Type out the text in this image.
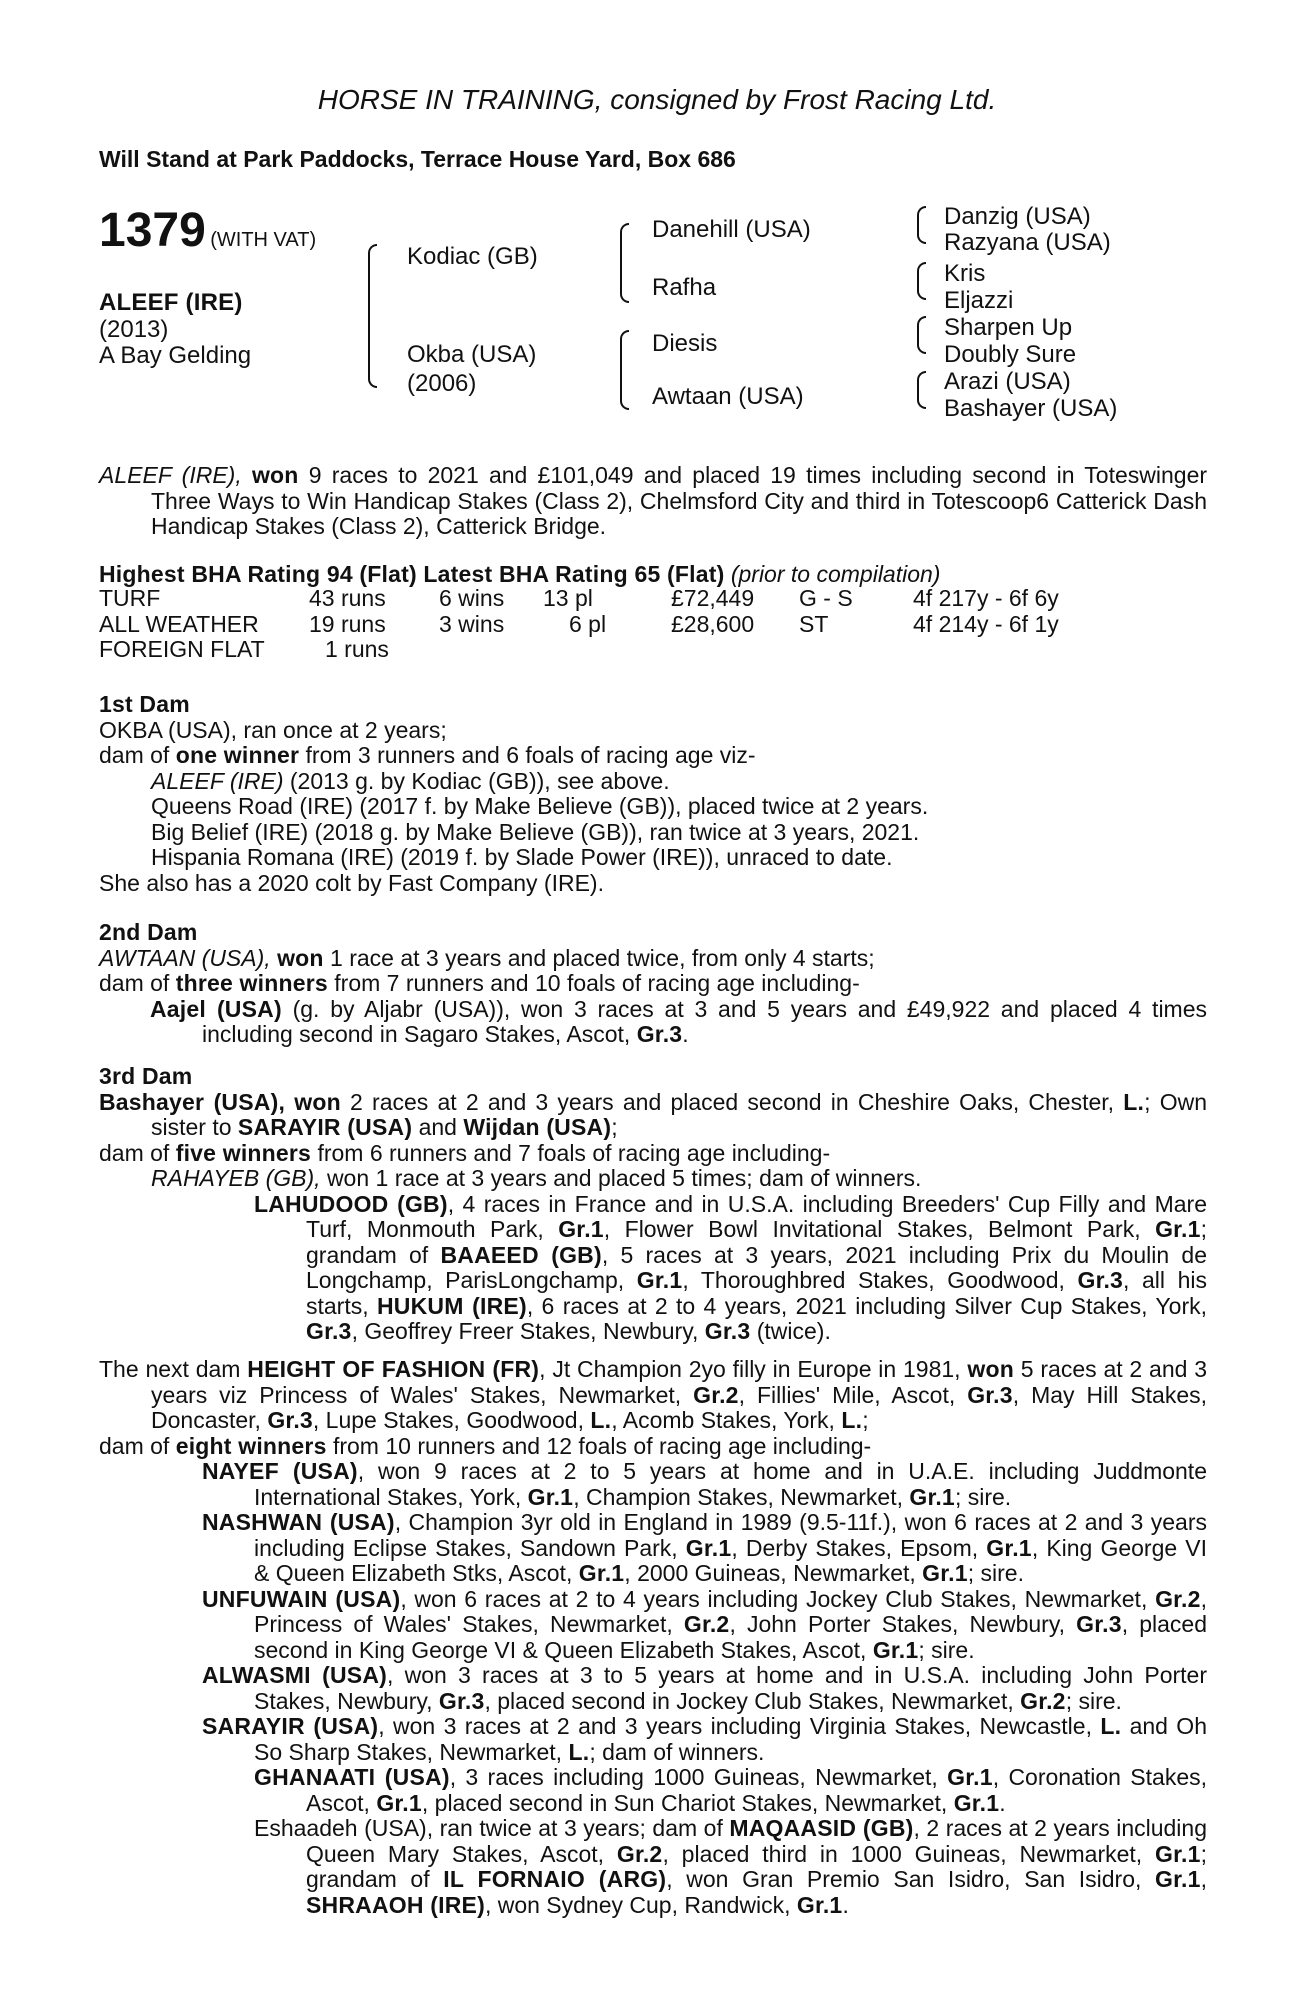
HORSE IN TRAINING, consigned by Frost Racing Ltd.
Will Stand at Park Paddocks, Terrace House Yard, Box 686
1379 (WITH VAT)
ALEEF (IRE)
(2013)
A Bay Gelding
Kodiac (GB)
Okba (USA)
(2006)
Danehill (USA)
Rafha
Diesis
Awtaan (USA)
Danzig (USA)
Razyana (USA)
Kris
Eljazzi
Sharpen Up
Doubly Sure
Arazi (USA)
Bashayer (USA)

ALEEF (IRE), won 9 races to 2021 and £101,049 and placed 19 times including second in Toteswinger Three Ways to Win Handicap Stakes (Class 2), Chelmsford City and third in Totescoop6 Catterick Dash Handicap Stakes (Class 2), Catterick Bridge.

Highest BHA Rating 94 (Flat) Latest BHA Rating 65 (Flat) (prior to compilation)
TURF	43 runs	6 wins	13 pl	£72,449	G - S	4f 217y - 6f 6y
ALL WEATHER	19 runs	3 wins	6 pl	£28,600	ST	4f 214y - 6f 1y
FOREIGN FLAT	1 runs					
1st Dam
OKBA (USA), ran once at 2 years;
dam of one winner from 3 runners and 6 foals of racing age viz-
ALEEF (IRE) (2013 g. by Kodiac (GB)), see above.
Queens Road (IRE) (2017 f. by Make Believe (GB)), placed twice at 2 years.
Big Belief (IRE) (2018 g. by Make Believe (GB)), ran twice at 3 years, 2021.
Hispania Romana (IRE) (2019 f. by Slade Power (IRE)), unraced to date.
She also has a 2020 colt by Fast Company (IRE).
2nd Dam
AWTAAN (USA), won 1 race at 3 years and placed twice, from only 4 starts;
dam of three winners from 7 runners and 10 foals of racing age including-
Aajel (USA) (g. by Aljabr (USA)), won 3 races at 3 and 5 years and £49,922 and placed 4 times including second in Sagaro Stakes, Ascot, Gr.3.
3rd Dam
Bashayer (USA), won 2 races at 2 and 3 years and placed second in Cheshire Oaks, Chester, L.; Own sister to SARAYIR (USA) and Wijdan (USA);
dam of five winners from 6 runners and 7 foals of racing age including-
RAHAYEB (GB), won 1 race at 3 years and placed 5 times; dam of winners.
LAHUDOOD (GB), 4 races in France and in U.S.A. including Breeders' Cup Filly and Mare Turf, Monmouth Park, Gr.1, Flower Bowl Invitational Stakes, Belmont Park, Gr.1; grandam of BAAEED (GB), 5 races at 3 years, 2021 including Prix du Moulin de Longchamp, ParisLongchamp, Gr.1, Thoroughbred Stakes, Goodwood, Gr.3, all his starts, HUKUM (IRE), 6 races at 2 to 4 years, 2021 including Silver Cup Stakes, York, Gr.3, Geoffrey Freer Stakes, Newbury, Gr.3 (twice).
The next dam HEIGHT OF FASHION (FR), Jt Champion 2yo filly in Europe in 1981, won 5 races at 2 and 3 years viz Princess of Wales' Stakes, Newmarket, Gr.2, Fillies' Mile, Ascot, Gr.3, May Hill Stakes, Doncaster, Gr.3, Lupe Stakes, Goodwood, L., Acomb Stakes, York, L.;
dam of eight winners from 10 runners and 12 foals of racing age including-
NAYEF (USA), won 9 races at 2 to 5 years at home and in U.A.E. including Juddmonte International Stakes, York, Gr.1, Champion Stakes, Newmarket, Gr.1; sire.
NASHWAN (USA), Champion 3yr old in England in 1989 (9.5-11f.), won 6 races at 2 and 3 years including Eclipse Stakes, Sandown Park, Gr.1, Derby Stakes, Epsom, Gr.1, King George VI & Queen Elizabeth Stks, Ascot, Gr.1, 2000 Guineas, Newmarket, Gr.1; sire.
UNFUWAIN (USA), won 6 races at 2 to 4 years including Jockey Club Stakes, Newmarket, Gr.2, Princess of Wales' Stakes, Newmarket, Gr.2, John Porter Stakes, Newbury, Gr.3, placed second in King George VI & Queen Elizabeth Stakes, Ascot, Gr.1; sire.
ALWASMI (USA), won 3 races at 3 to 5 years at home and in U.S.A. including John Porter Stakes, Newbury, Gr.3, placed second in Jockey Club Stakes, Newmarket, Gr.2; sire.
SARAYIR (USA), won 3 races at 2 and 3 years including Virginia Stakes, Newcastle, L. and Oh So Sharp Stakes, Newmarket, L.; dam of winners.
GHANAATI (USA), 3 races including 1000 Guineas, Newmarket, Gr.1, Coronation Stakes, Ascot, Gr.1, placed second in Sun Chariot Stakes, Newmarket, Gr.1.
Eshaadeh (USA), ran twice at 3 years; dam of MAQAASID (GB), 2 races at 2 years including Queen Mary Stakes, Ascot, Gr.2, placed third in 1000 Guineas, Newmarket, Gr.1; grandam of IL FORNAIO (ARG), won Gran Premio San Isidro, San Isidro, Gr.1, SHRAAOH (IRE), won Sydney Cup, Randwick, Gr.1.
